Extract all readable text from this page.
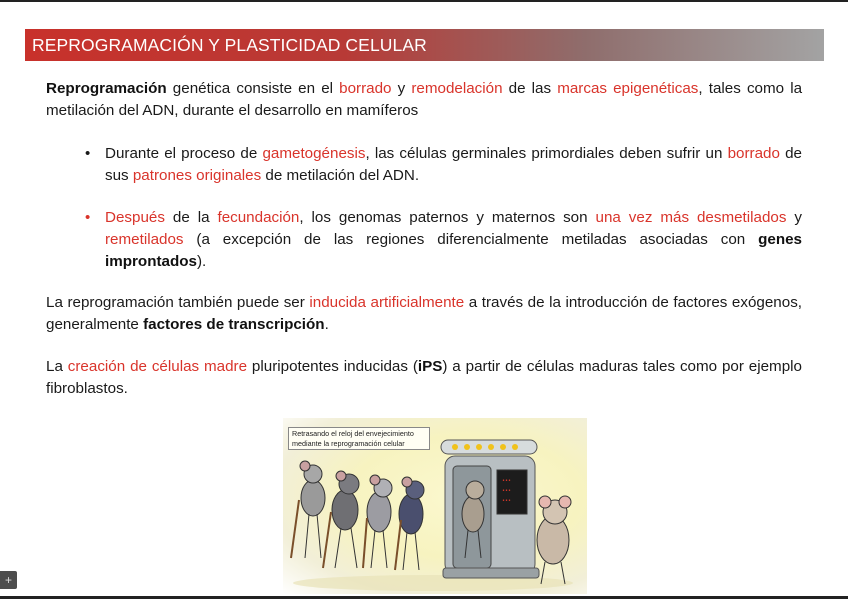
REPROGRAMACIÓN Y PLASTICIDAD CELULAR
Reprogramación genética consiste en el borrado y remodelación de las marcas epigenéticas, tales como la metilación del ADN, durante el desarrollo en mamíferos
• Durante el proceso de gametogénesis, las células germinales primordiales deben sufrir un borrado de sus patrones originales de metilación del ADN.
• Después de la fecundación, los genomas paternos y maternos son una vez más desmetilados y remetilados (a excepción de las regiones diferencialmente metiladas asociadas con genes improntados).
La reprogramación también puede ser inducida artificialmente a través de la introducción de factores exógenos, generalmente factores de transcripción.
La creación de células madre pluripotentes inducidas (iPS) a partir de células maduras tales como por ejemplo fibroblastos.
•••
•••
•••
Retrasando el reloj del envejecimiento mediante la reprogramación celular
+
